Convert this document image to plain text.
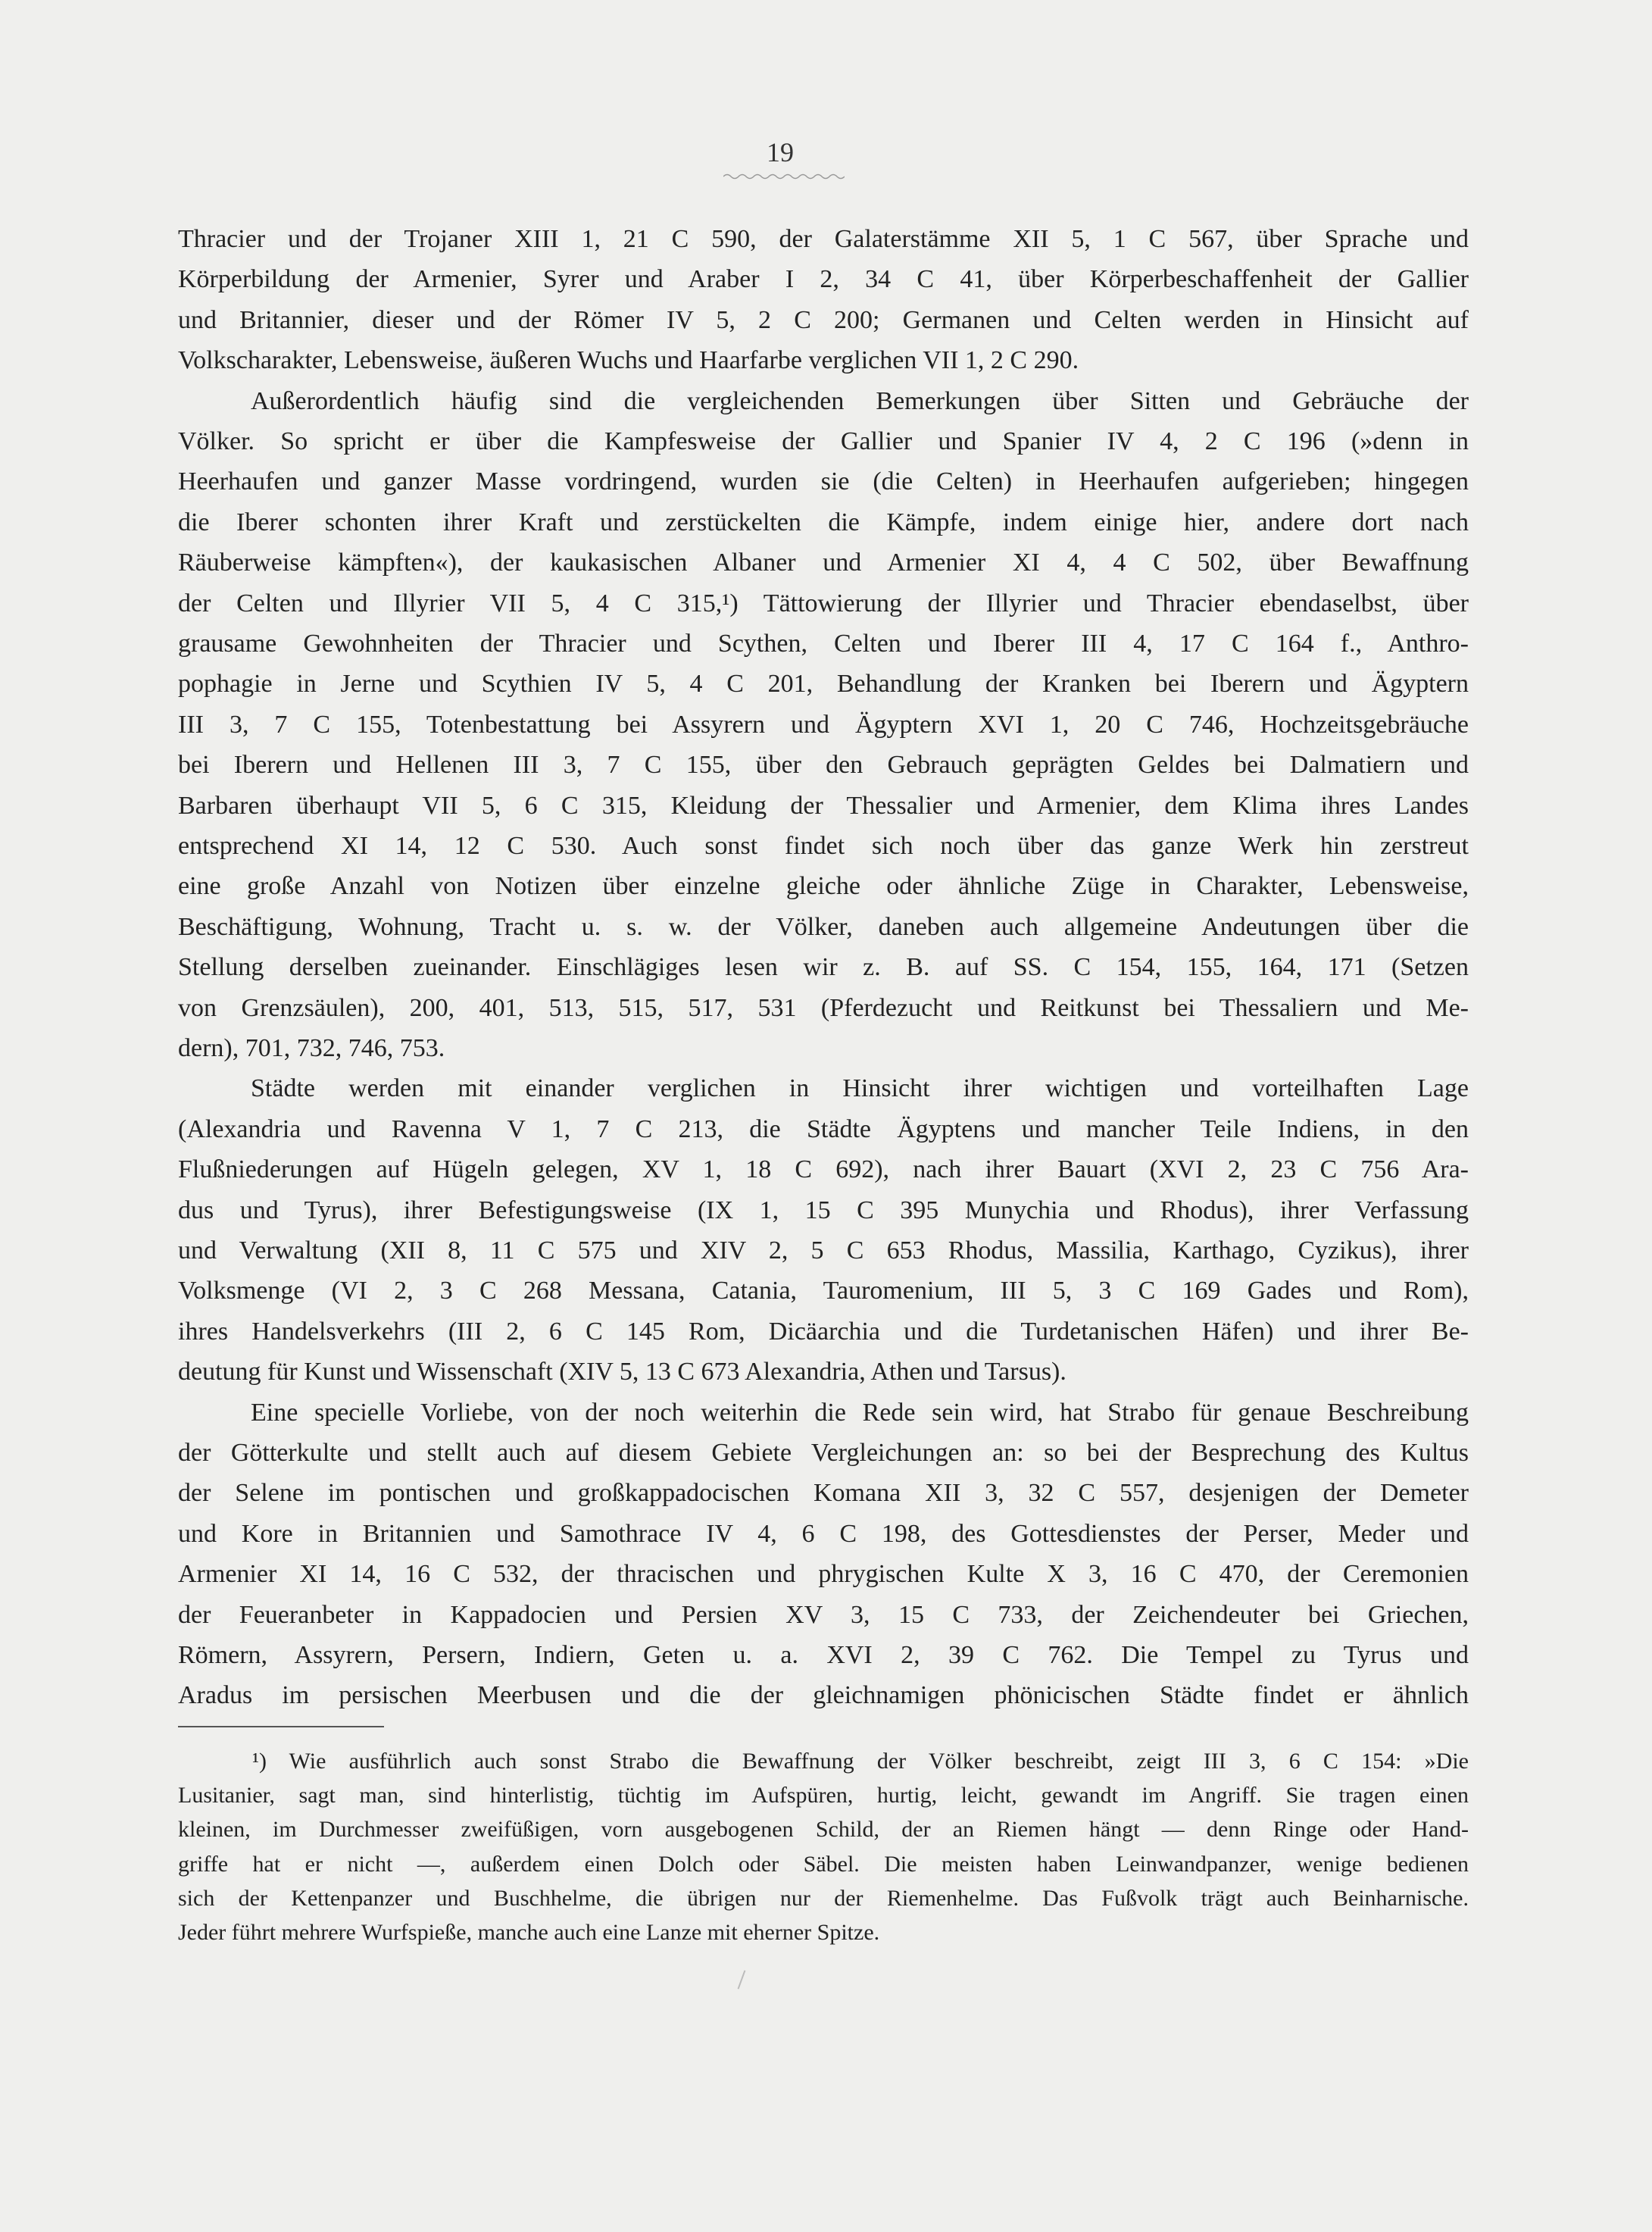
19
Thracier und der Trojaner XIII 1, 21 C 590, der Galaterstämme XII 5, 1 C 567, über Sprache und
Körperbildung der Armenier, Syrer und Araber I 2, 34 C 41, über Körperbeschaffenheit der Gallier
und Britannier, dieser und der Römer IV 5, 2 C 200; Germanen und Celten werden in Hinsicht auf
Volkscharakter, Lebensweise, äußeren Wuchs und Haarfarbe verglichen VII 1, 2 C 290.
Außerordentlich häufig sind die vergleichenden Bemerkungen über Sitten und Gebräuche der
Völker. So spricht er über die Kampfesweise der Gallier und Spanier IV 4, 2 C 196 (»denn in
Heerhaufen und ganzer Masse vordringend, wurden sie (die Celten) in Heerhaufen aufgerieben; hingegen
die Iberer schonten ihrer Kraft und zerstückelten die Kämpfe, indem einige hier, andere dort nach
Räuberweise kämpften«), der kaukasischen Albaner und Armenier XI 4, 4 C 502, über Bewaffnung
der Celten und Illyrier VII 5, 4 C 315,¹) Tättowierung der Illyrier und Thracier ebendaselbst, über
grausame Gewohnheiten der Thracier und Scythen, Celten und Iberer III 4, 17 C 164 f., Anthro-
pophagie in Jerne und Scythien IV 5, 4 C 201, Behandlung der Kranken bei Iberern und Ägyptern
III 3, 7 C 155, Totenbestattung bei Assyrern und Ägyptern XVI 1, 20 C 746, Hochzeitsgebräuche
bei Iberern und Hellenen III 3, 7 C 155, über den Gebrauch geprägten Geldes bei Dalmatiern und
Barbaren überhaupt VII 5, 6 C 315, Kleidung der Thessalier und Armenier, dem Klima ihres Landes
entsprechend XI 14, 12 C 530. Auch sonst findet sich noch über das ganze Werk hin zerstreut
eine große Anzahl von Notizen über einzelne gleiche oder ähnliche Züge in Charakter, Lebensweise,
Beschäftigung, Wohnung, Tracht u. s. w. der Völker, daneben auch allgemeine Andeutungen über die
Stellung derselben zueinander. Einschlägiges lesen wir z. B. auf SS. C 154, 155, 164, 171 (Setzen
von Grenzsäulen), 200, 401, 513, 515, 517, 531 (Pferdezucht und Reitkunst bei Thessaliern und Me-
dern), 701, 732, 746, 753.
Städte werden mit einander verglichen in Hinsicht ihrer wichtigen und vorteilhaften Lage
(Alexandria und Ravenna V 1, 7 C 213, die Städte Ägyptens und mancher Teile Indiens, in den
Flußniederungen auf Hügeln gelegen, XV 1, 18 C 692), nach ihrer Bauart (XVI 2, 23 C 756 Ara-
dus und Tyrus), ihrer Befestigungsweise (IX 1, 15 C 395 Munychia und Rhodus), ihrer Verfassung
und Verwaltung (XII 8, 11 C 575 und XIV 2, 5 C 653 Rhodus, Massilia, Karthago, Cyzikus), ihrer
Volksmenge (VI 2, 3 C 268 Messana, Catania, Tauromenium, III 5, 3 C 169 Gades und Rom),
ihres Handelsverkehrs (III 2, 6 C 145 Rom, Dicäarchia und die Turdetanischen Häfen) und ihrer Be-
deutung für Kunst und Wissenschaft (XIV 5, 13 C 673 Alexandria, Athen und Tarsus).
Eine specielle Vorliebe, von der noch weiterhin die Rede sein wird, hat Strabo für genaue Beschreibung
der Götterkulte und stellt auch auf diesem Gebiete Vergleichungen an: so bei der Besprechung des Kultus
der Selene im pontischen und großkappadocischen Komana XII 3, 32 C 557, desjenigen der Demeter
und Kore in Britannien und Samothrace IV 4, 6 C 198, des Gottesdienstes der Perser, Meder und
Armenier XI 14, 16 C 532, der thracischen und phrygischen Kulte X 3, 16 C 470, der Ceremonien
der Feueranbeter in Kappadocien und Persien XV 3, 15 C 733, der Zeichendeuter bei Griechen,
Römern, Assyrern, Persern, Indiern, Geten u. a. XVI 2, 39 C 762. Die Tempel zu Tyrus und
Aradus im persischen Meerbusen und die der gleichnamigen phönicischen Städte findet er ähnlich
¹) Wie ausführlich auch sonst Strabo die Bewaffnung der Völker beschreibt, zeigt III 3, 6 C 154: »Die
Lusitanier, sagt man, sind hinterlistig, tüchtig im Aufspüren, hurtig, leicht, gewandt im Angriff. Sie tragen einen
kleinen, im Durchmesser zweifüßigen, vorn ausgebogenen Schild, der an Riemen hängt — denn Ringe oder Hand-
griffe hat er nicht —, außerdem einen Dolch oder Säbel. Die meisten haben Leinwandpanzer, wenige bedienen
sich der Kettenpanzer und Buschhelme, die übrigen nur der Riemenhelme. Das Fußvolk trägt auch Beinharnische.
Jeder führt mehrere Wurfspieße, manche auch eine Lanze mit eherner Spitze.
